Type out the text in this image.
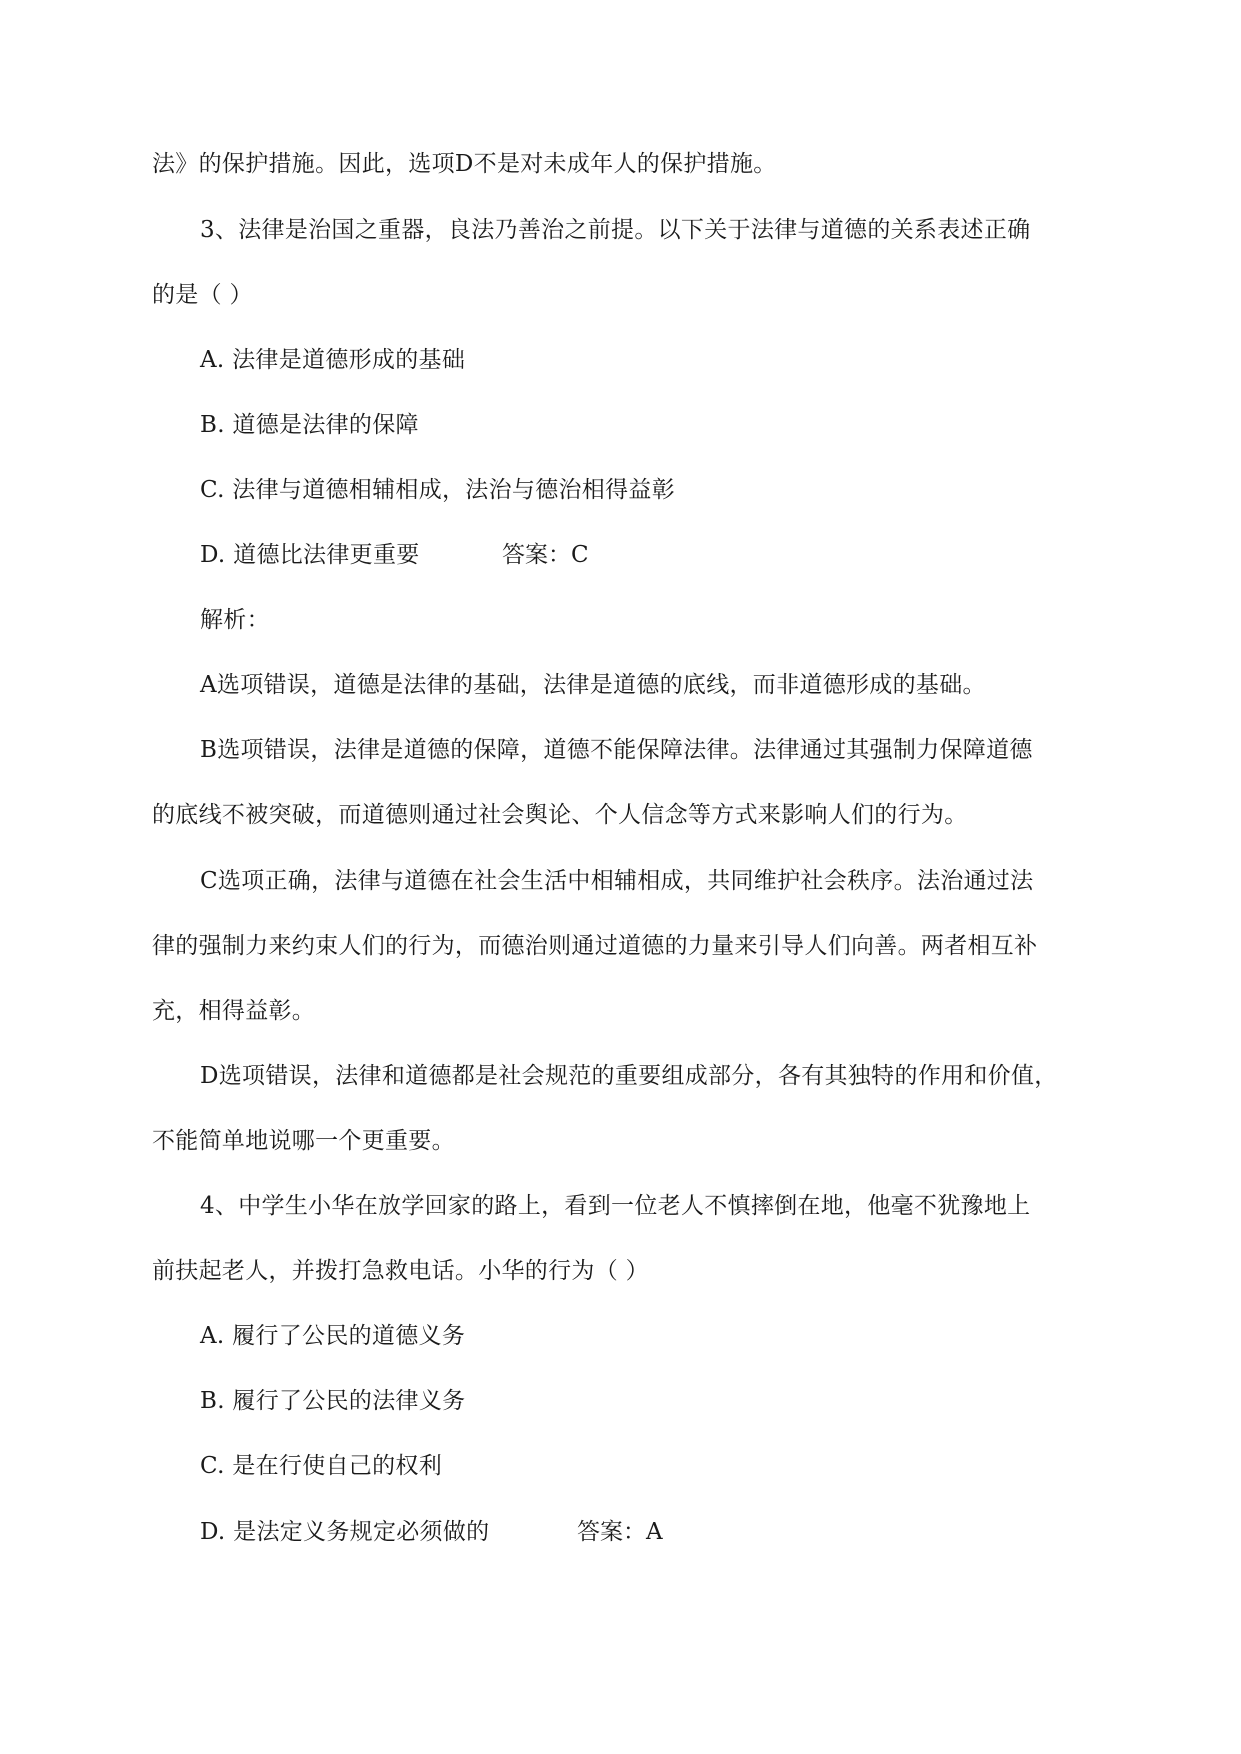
法》的保护措施。因此，选项D不是对未成年人的保护措施。
3、法律是治国之重器，良法乃善治之前提。以下关于法律与道德的关系表述正确
的是（ ）
A. 法律是道德形成的基础
B. 道德是法律的保障
C. 法律与道德相辅相成，法治与德治相得益彰
D. 道德比法律更重要	答案：C
解析：
A选项错误，道德是法律的基础，法律是道德的底线，而非道德形成的基础。
B选项错误，法律是道德的保障，道德不能保障法律。法律通过其强制力保障道德
的底线不被突破，而道德则通过社会舆论、个人信念等方式来影响人们的行为。
C选项正确，法律与道德在社会生活中相辅相成，共同维护社会秩序。法治通过法
律的强制力来约束人们的行为，而德治则通过道德的力量来引导人们向善。两者相互补
充，相得益彰。
D选项错误，法律和道德都是社会规范的重要组成部分，各有其独特的作用和价值，
不能简单地说哪一个更重要。
4、中学生小华在放学回家的路上，看到一位老人不慎摔倒在地，他毫不犹豫地上
前扶起老人，并拨打急救电话。小华的行为（ ）
A. 履行了公民的道德义务
B. 履行了公民的法律义务
C. 是在行使自己的权利
D. 是法定义务规定必须做的	答案：A
